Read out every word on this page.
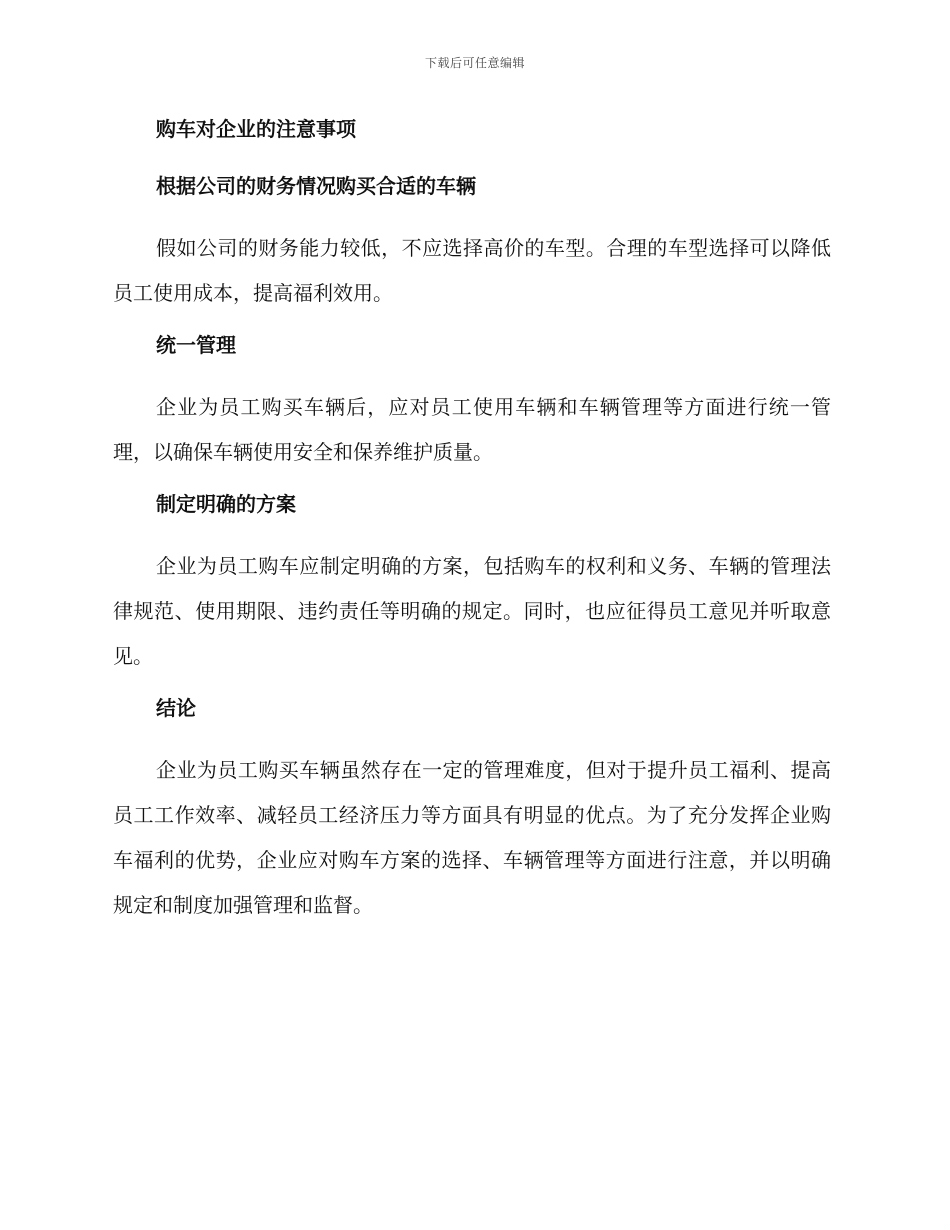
下载后可任意编辑
购车对企业的注意事项
根据公司的财务情况购买合适的车辆

假如公司的财务能力较低，不应选择高价的车型。合理的车型选择可以降低员工使用成本，提高福利效用。

统一管理

企业为员工购买车辆后，应对员工使用车辆和车辆管理等方面进行统一管理，以确保车辆使用安全和保养维护质量。

制定明确的方案

企业为员工购车应制定明确的方案，包括购车的权利和义务、车辆的管理法律规范、使用期限、违约责任等明确的规定。同时，也应征得员工意见并听取意见。

结论

企业为员工购买车辆虽然存在一定的管理难度，但对于提升员工福利、提高员工工作效率、减轻员工经济压力等方面具有明显的优点。为了充分发挥企业购车福利的优势，企业应对购车方案的选择、车辆管理等方面进行注意，并以明确规定和制度加强管理和监督。
